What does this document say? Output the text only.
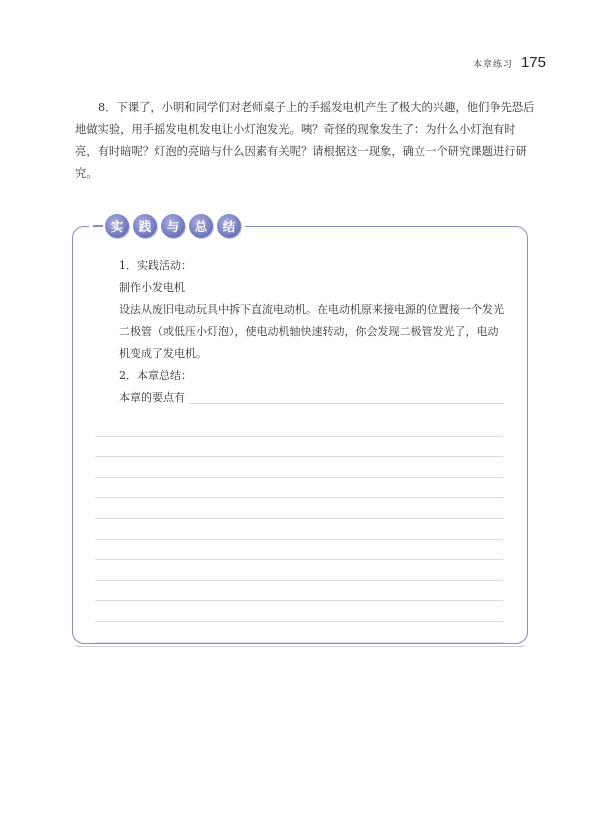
本章练习 175

8．下课了，小明和同学们对老师桌子上的手摇发电机产生了极大的兴趣，他们争先恐后地做实验，用手摇发电机发电让小灯泡发光。咦？奇怪的现象发生了：为什么小灯泡有时亮，有时暗呢？灯泡的亮暗与什么因素有关呢？请根据这一现象，确立一个研究课题进行研究。

实	践	与	总	结

1．实践活动：

制作小发电机

设法从废旧电动玩具中拆下直流电动机。在电动机原来接电源的位置接一个发光二极管（或低压小灯泡），使电动机轴快速转动，你会发现二极管发光了，电动机变成了发电机。

2．本章总结：

本章的要点有
